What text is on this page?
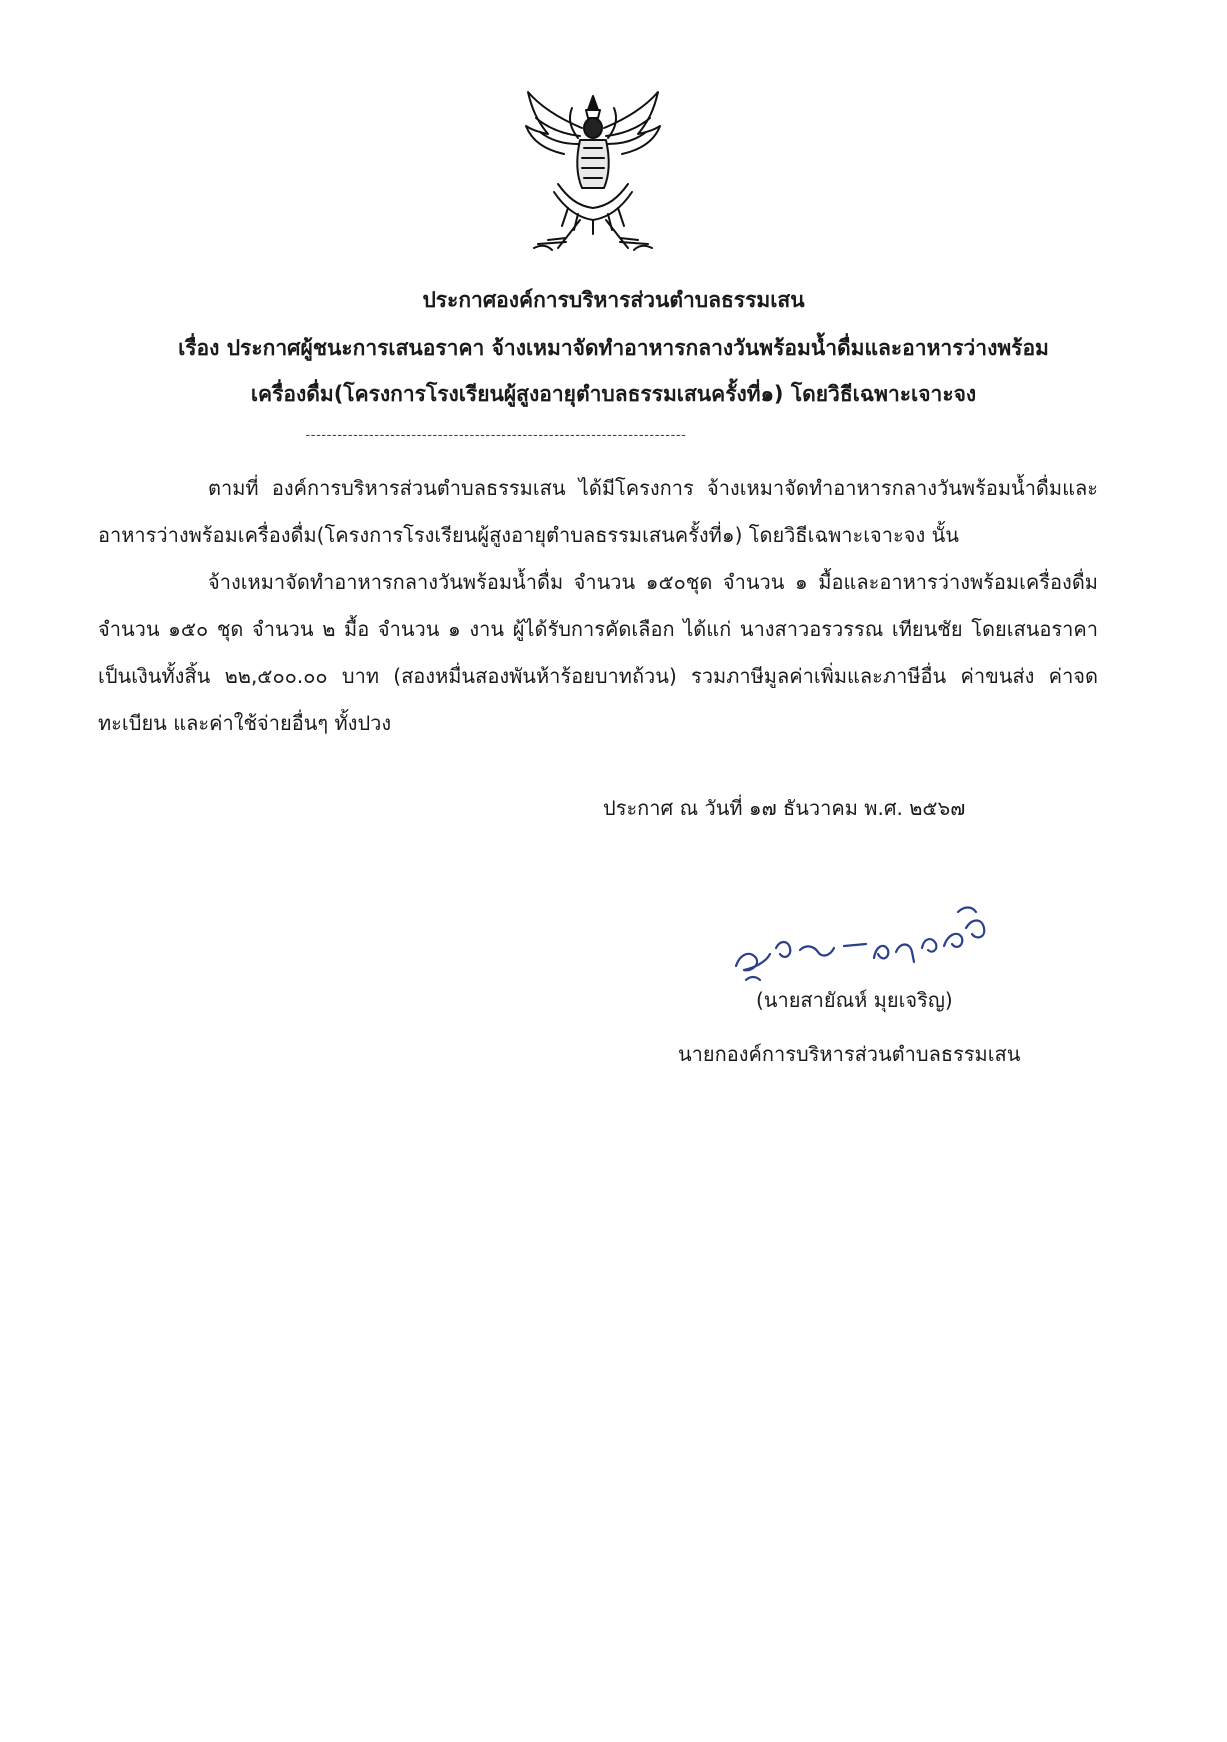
ประกาศองค์การบริหารส่วนตำบลธรรมเสน
เรื่อง ประกาศผู้ชนะการเสนอราคา จ้างเหมาจัดทำอาหารกลางวันพร้อมน้ำดื่มและอาหารว่างพร้อม
เครื่องดื่ม(โครงการโรงเรียนผู้สูงอายุตำบลธรรมเสนครั้งที่๑) โดยวิธีเฉพาะเจาะจง
------------------------------------------------------------------------
ตามที่ องค์การบริหารส่วนตำบลธรรมเสน ได้มีโครงการ จ้างเหมาจัดทำอาหารกลางวันพร้อมน้ำดื่มและ
อาหารว่างพร้อมเครื่องดื่ม(โครงการโรงเรียนผู้สูงอายุตำบลธรรมเสนครั้งที่๑) โดยวิธีเฉพาะเจาะจง นั้น
จ้างเหมาจัดทำอาหารกลางวันพร้อมน้ำดื่ม จำนวน ๑๕๐ชุด จำนวน ๑ มื้อและอาหารว่างพร้อมเครื่องดื่ม
จำนวน ๑๕๐ ชุด จำนวน ๒ มื้อ จำนวน ๑ งาน ผู้ได้รับการคัดเลือก ได้แก่ นางสาวอรวรรณ เทียนชัย โดยเสนอราคา
เป็นเงินทั้งสิ้น ๒๒,๕๐๐.๐๐ บาท (สองหมื่นสองพันห้าร้อยบาทถ้วน) รวมภาษีมูลค่าเพิ่มและภาษีอื่น ค่าขนส่ง ค่าจด
ทะเบียน และค่าใช้จ่ายอื่นๆ ทั้งปวง
ประกาศ ณ วันที่ ๑๗ ธันวาคม พ.ศ. ๒๕๖๗
(นายสายัณห์ มุยเจริญ)
นายกองค์การบริหารส่วนตำบลธรรมเสน
